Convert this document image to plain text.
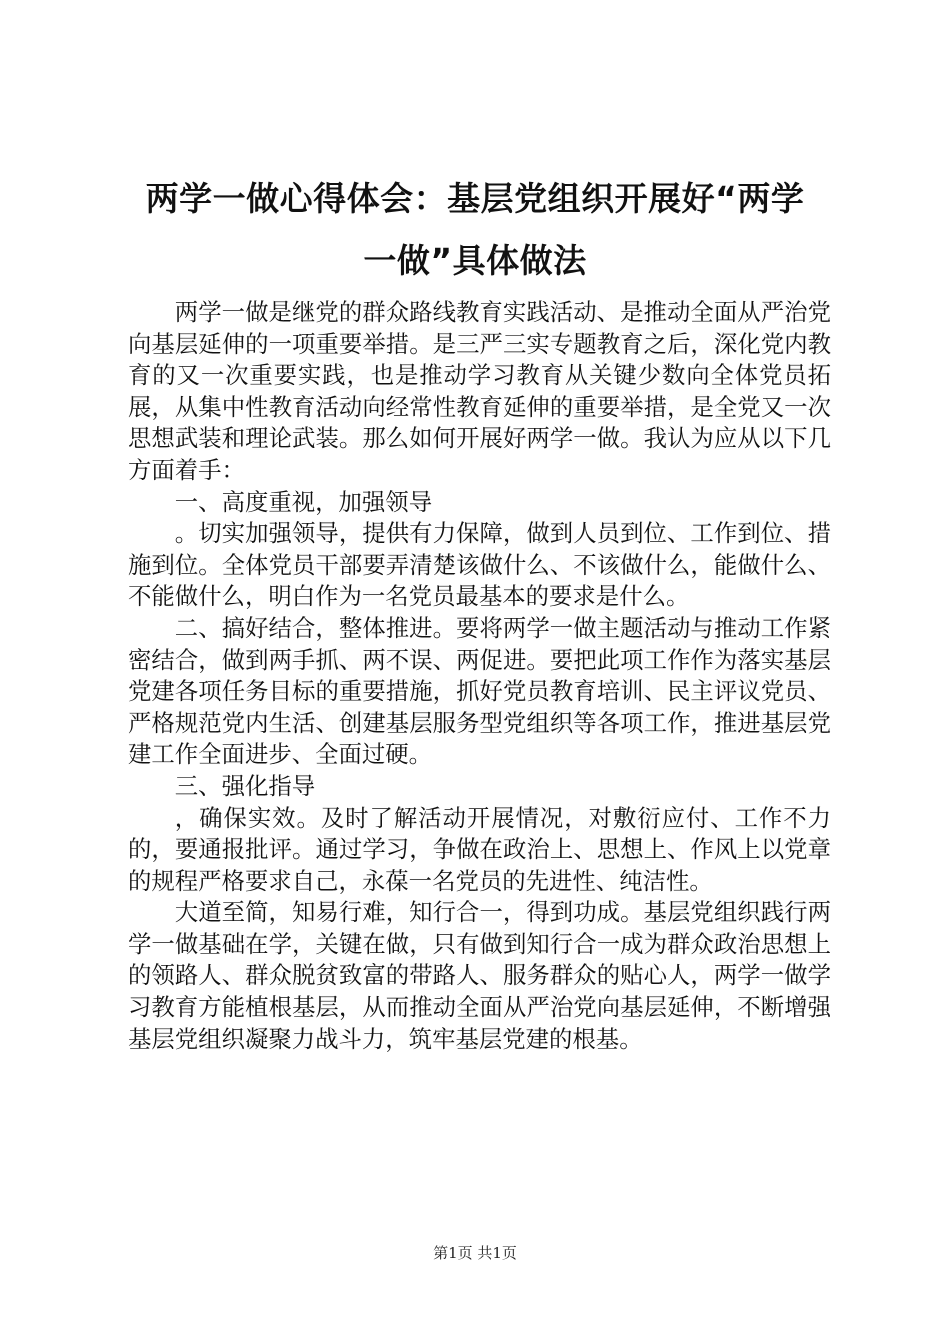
两学一做心得体会：基层党组织开展好“两学
一做”具体做法

两学一做是继党的群众路线教育实践活动、是推动全面从严治党向基层延伸的一项重要举措。是三严三实专题教育之后，深化党内教育的又一次重要实践，也是推动学习教育从关键少数向全体党员拓展，从集中性教育活动向经常性教育延伸的重要举措，是全党又一次思想武装和理论武装。那么如何开展好两学一做。我认为应从以下几方面着手：

一、高度重视，加强领导

。切实加强领导，提供有力保障，做到人员到位、工作到位、措施到位。全体党员干部要弄清楚该做什么、不该做什么，能做什么、不能做什么，明白作为一名党员最基本的要求是什么。

二、搞好结合，整体推进。要将两学一做主题活动与推动工作紧密结合，做到两手抓、两不误、两促进。要把此项工作作为落实基层党建各项任务目标的重要措施，抓好党员教育培训、民主评议党员、严格规范党内生活、创建基层服务型党组织等各项工作，推进基层党建工作全面进步、全面过硬。

三、强化指导

，确保实效。及时了解活动开展情况，对敷衍应付、工作不力的，要通报批评。通过学习，争做在政治上、思想上、作风上以党章的规程严格要求自己，永葆一名党员的先进性、纯洁性。

大道至简，知易行难，知行合一，得到功成。基层党组织践行两学一做基础在学，关键在做，只有做到知行合一成为群众政治思想上的领路人、群众脱贫致富的带路人、服务群众的贴心人，两学一做学习教育方能植根基层，从而推动全面从严治党向基层延伸，不断增强基层党组织凝聚力战斗力，筑牢基层党建的根基。

第1页 共1页
